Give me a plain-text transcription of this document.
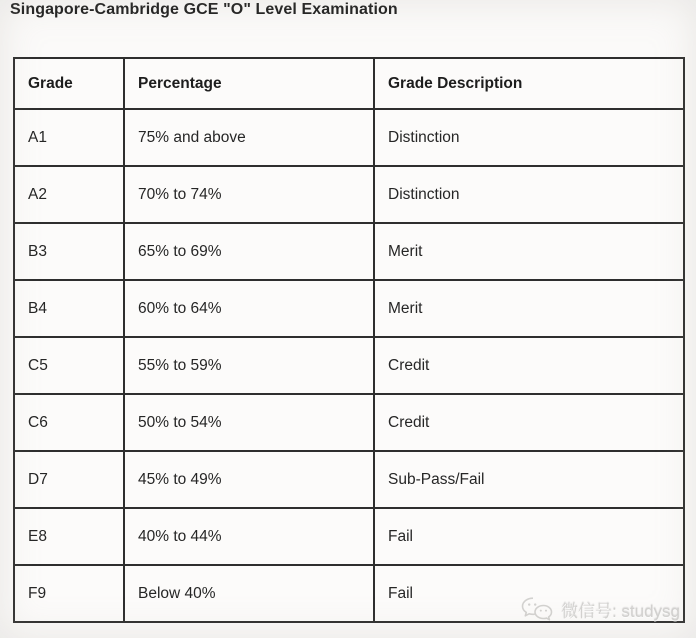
Singapore-Cambridge GCE "O" Level Examination
Grade	Percentage	Grade Description
A1	75% and above	Distinction
A2	70% to 74%	Distinction
B3	65% to 69%	Merit
B4	60% to 64%	Merit
C5	55% to 59%	Credit
C6	50% to 54%	Credit
D7	45% to 49%	Sub-Pass/Fail
E8	40% to 44%	Fail
F9	Below 40%	Fail
微信号: studysg
